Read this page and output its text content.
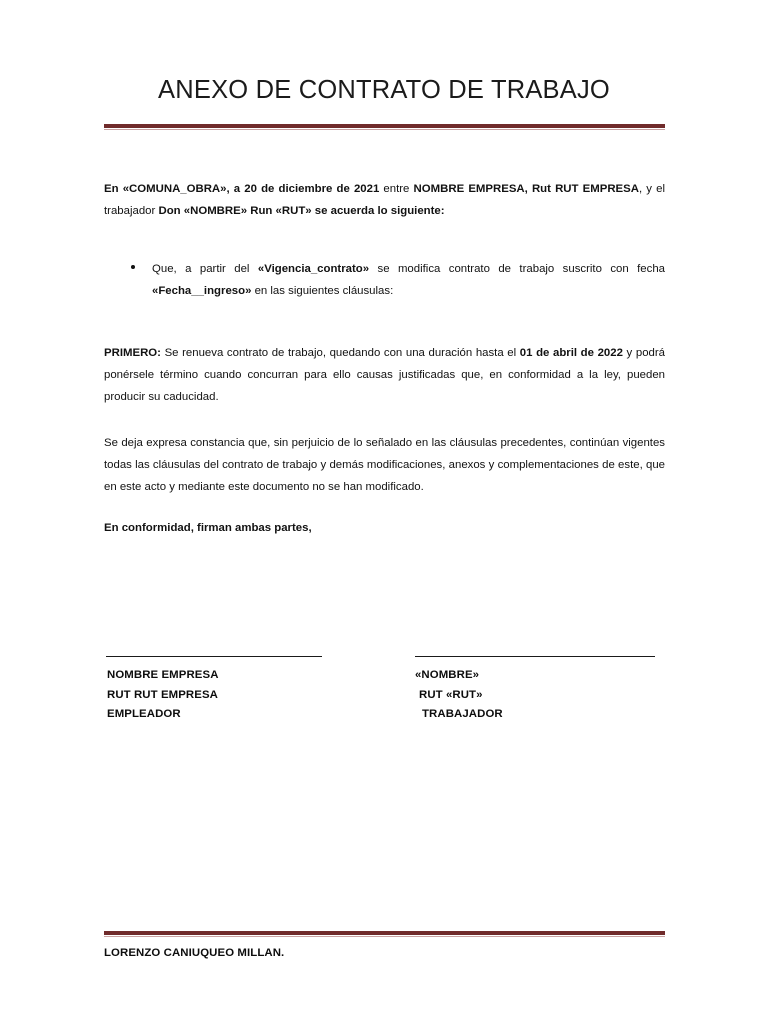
ANEXO DE CONTRATO DE TRABAJO

En «COMUNA_OBRA», a 20 de diciembre de 2021 entre NOMBRE EMPRESA, Rut RUT EMPRESA, y el trabajador Don «NOMBRE» Run «RUT» se acuerda lo siguiente:

Que, a partir del «Vigencia_contrato» se modifica contrato de trabajo suscrito con fecha «Fecha__ingreso» en las siguientes cláusulas:

PRIMERO: Se renueva contrato de trabajo, quedando con una duración hasta el 01 de abril de 2022 y podrá ponérsele término cuando concurran para ello causas justificadas que, en conformidad a la ley, pueden producir su caducidad.

Se deja expresa constancia que, sin perjuicio de lo señalado en las cláusulas precedentes, continúan vigentes todas las cláusulas del contrato de trabajo y demás modificaciones, anexos y complementaciones de este, que en este acto y mediante este documento no se han modificado.

En conformidad, firman ambas partes,

NOMBRE EMPRESA
RUT RUT EMPRESA
EMPLEADOR
«NOMBRE»
RUT «RUT»
TRABAJADOR
LORENZO CANIUQUEO MILLAN.
